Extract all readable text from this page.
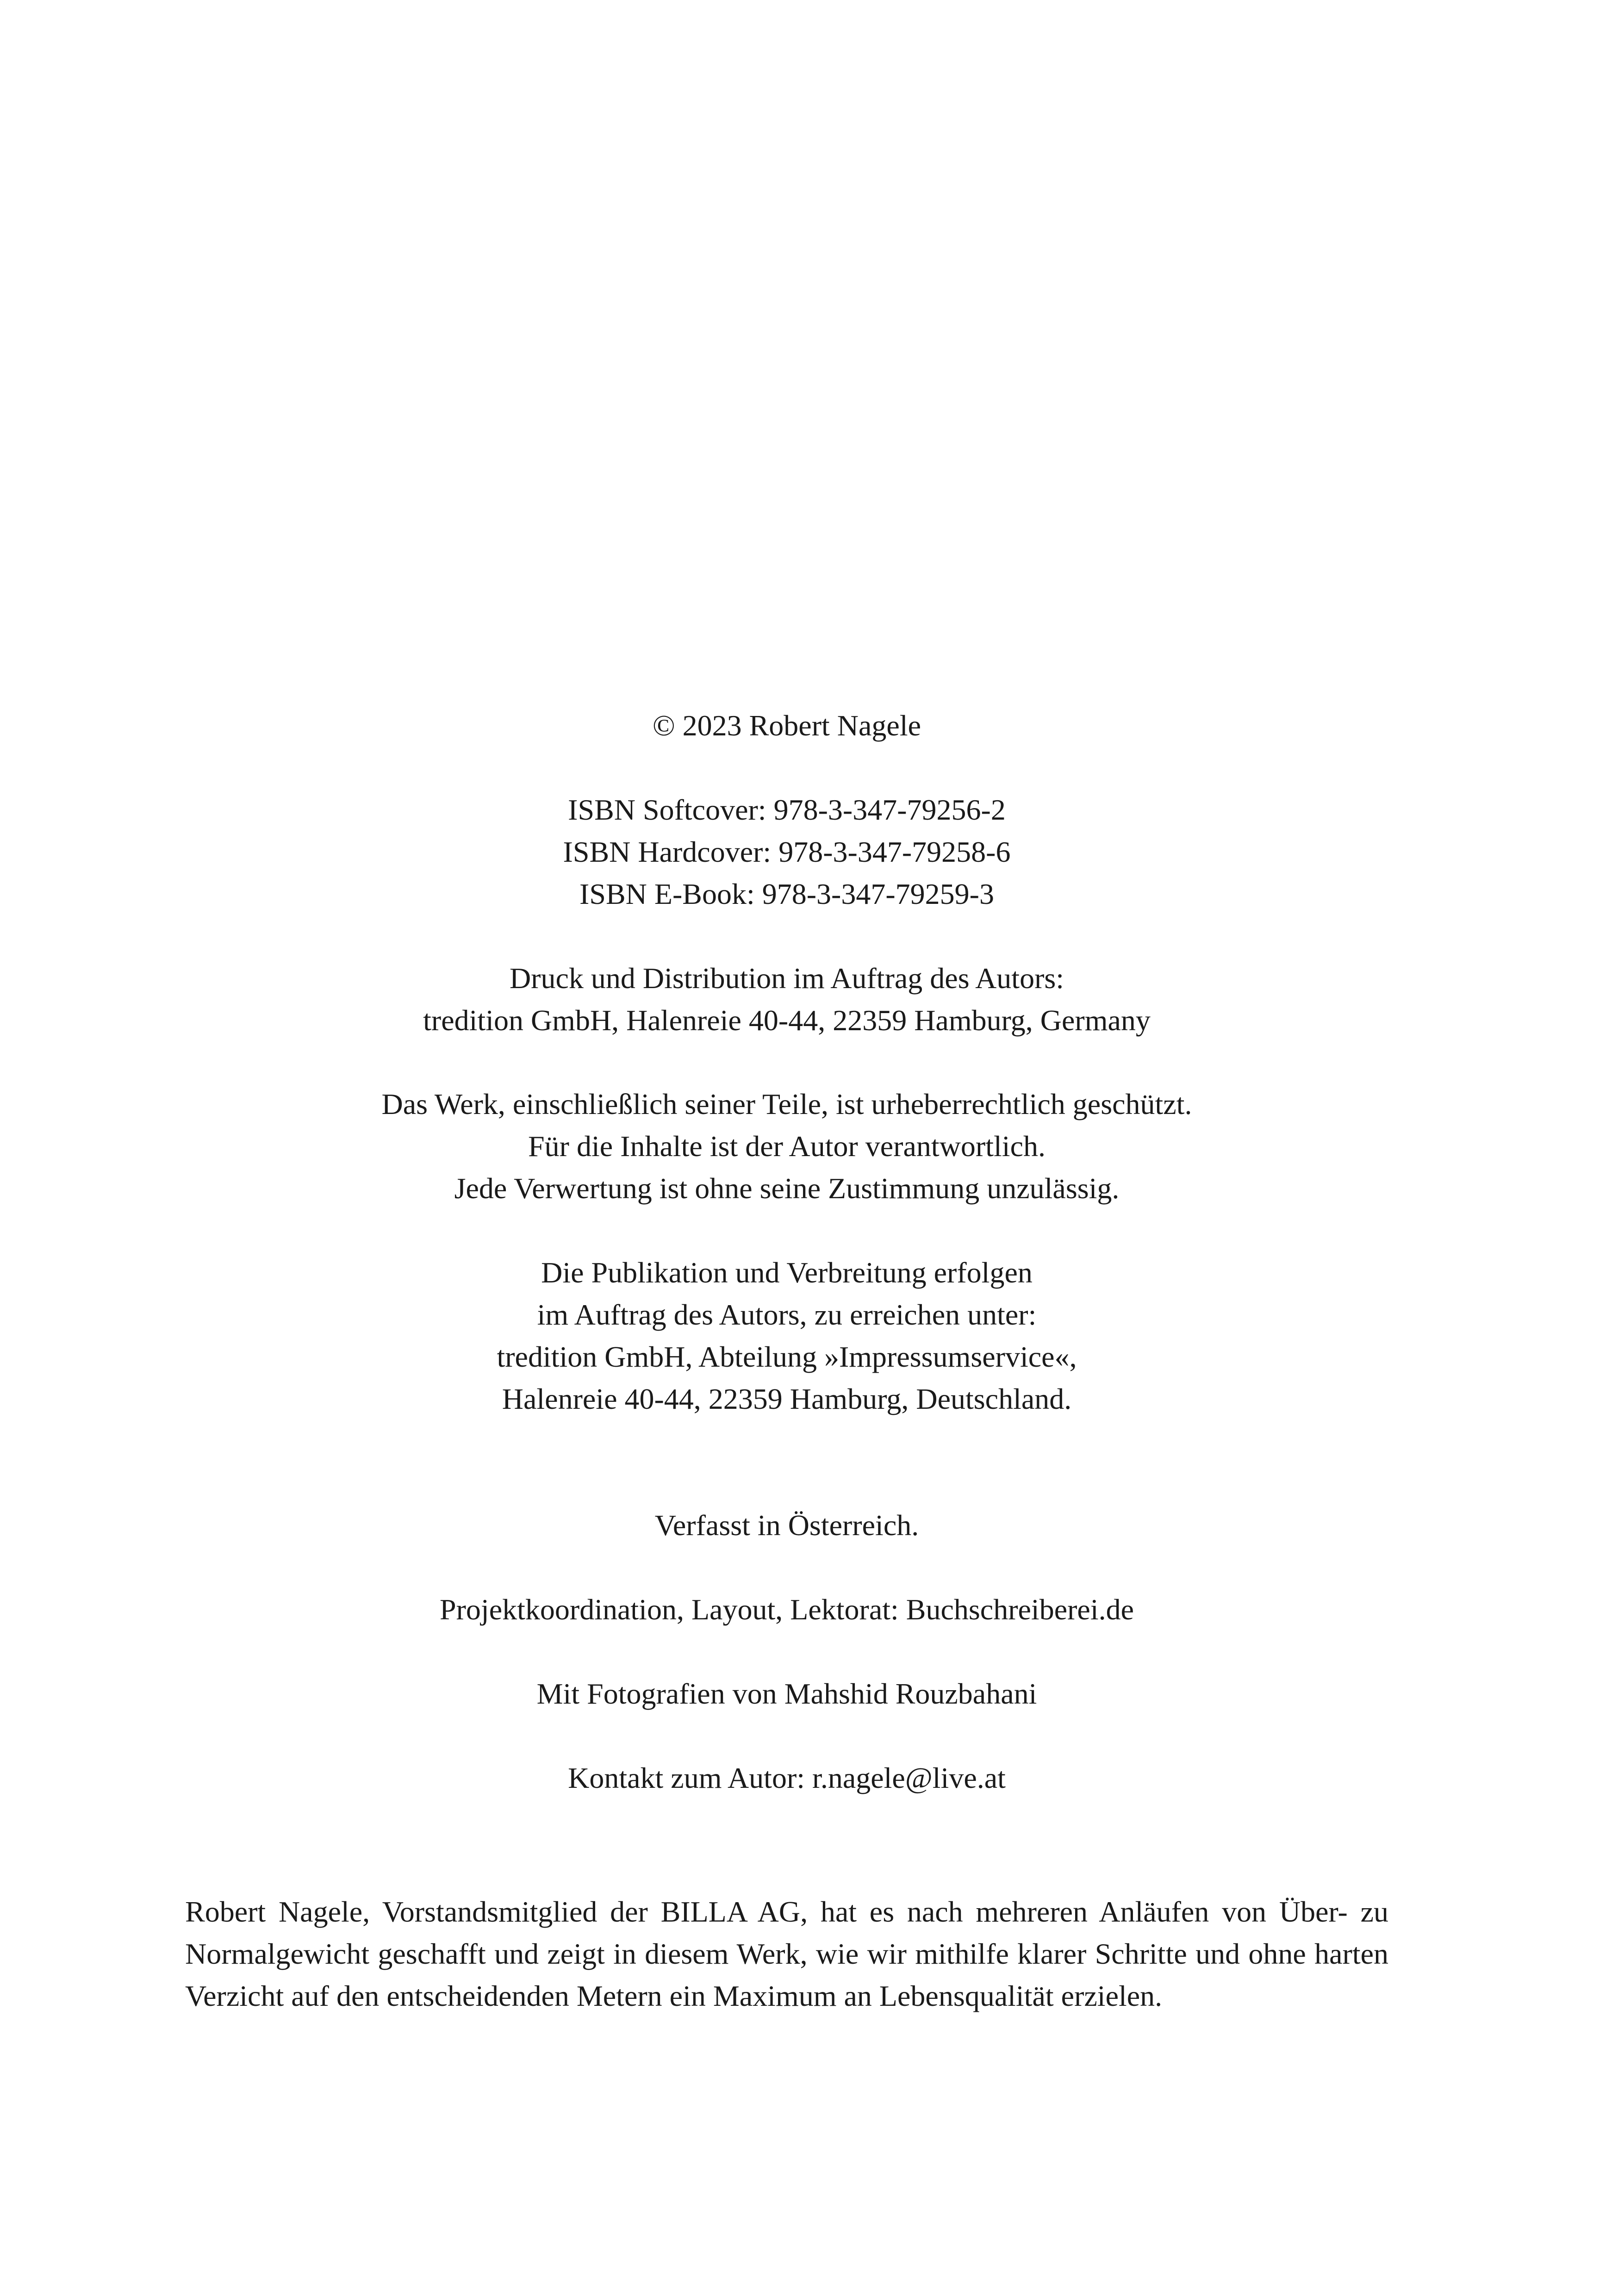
© 2023 Robert Nagele

ISBN Softcover: 978-3-347-79256-2

ISBN Hardcover: 978-3-347-79258-6

ISBN E-Book: 978-3-347-79259-3

Druck und Distribution im Auftrag des Autors:

tredition GmbH, Halenreie 40-44, 22359 Hamburg, Germany

Das Werk, einschließlich seiner Teile, ist urheberrechtlich geschützt.

Für die Inhalte ist der Autor verantwortlich.

Jede Verwertung ist ohne seine Zustimmung unzulässig.

Die Publikation und Verbreitung erfolgen

im Auftrag des Autors, zu erreichen unter:

tredition GmbH, Abteilung »Impressumservice«,

Halenreie 40-44, 22359 Hamburg, Deutschland.

Verfasst in Österreich.

Projektkoordination, Layout, Lektorat: Buchschreiberei.de

Mit Fotografien von Mahshid Rouzbahani

Kontakt zum Autor: r.nagele@live.at

Robert Nagele, Vorstandsmitglied der BILLA AG, hat es nach mehreren Anläufen von Über- zu Normalgewicht geschafft und zeigt in diesem Werk, wie wir mithilfe klarer Schritte und ohne harten Verzicht auf den entscheidenden Metern ein Maximum an Lebensqualität erzielen.
